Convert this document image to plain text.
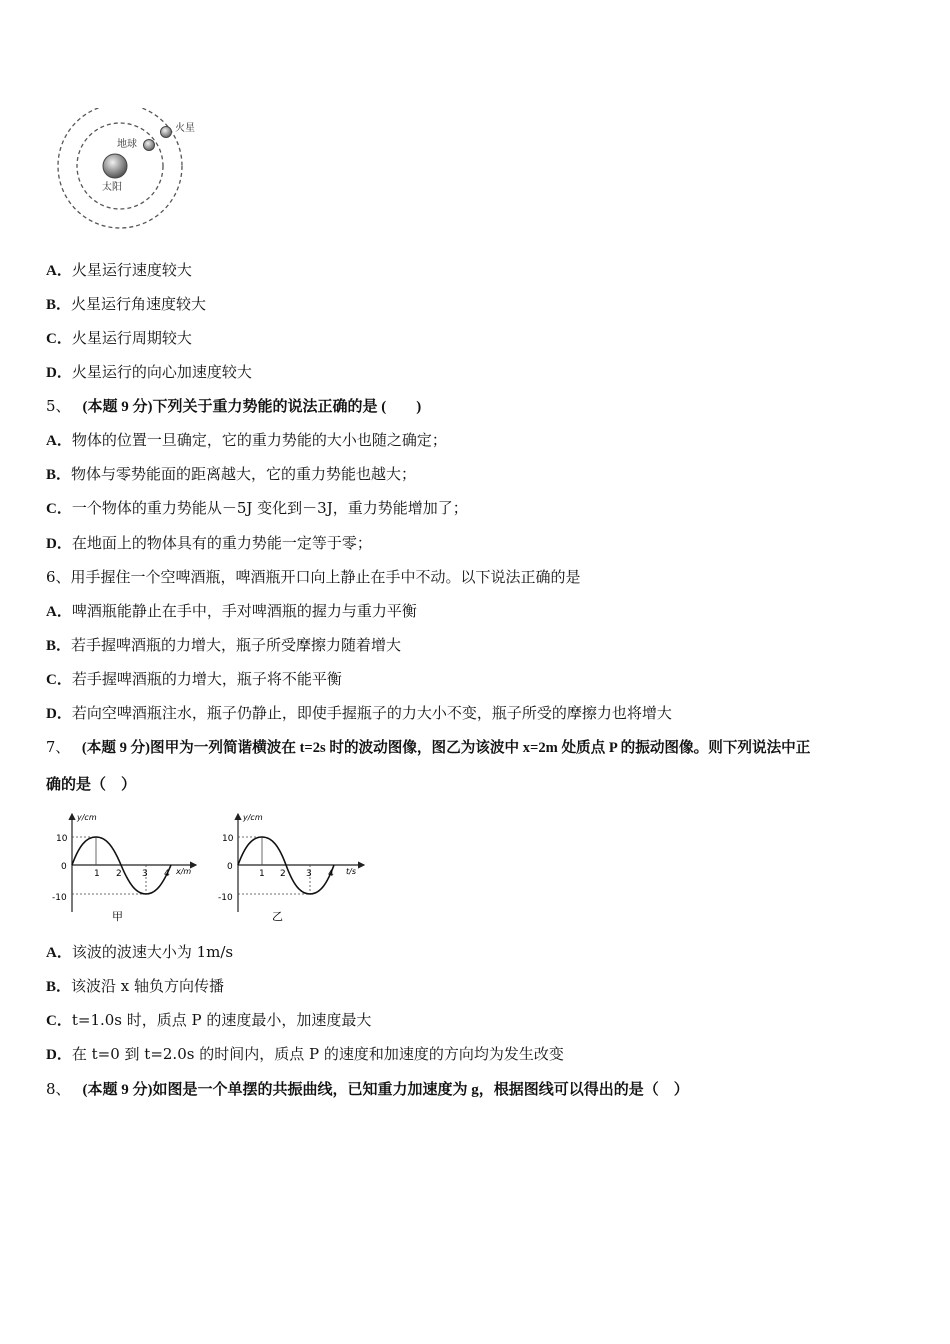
火星
地球
太阳
A．火星运行速度较大
B．火星运行角速度较大
C．火星运行周期较大
D．火星运行的向心加速度较大
5、 (本题 9 分)下列关于重力势能的说法正确的是 (　　)
A．物体的位置一旦确定，它的重力势能的大小也随之确定；
B．物体与零势能面的距离越大，它的重力势能也越大；
C．一个物体的重力势能从－5J 变化到－3J，重力势能增加了；
D．在地面上的物体具有的重力势能一定等于零；
6、用手握住一个空啤酒瓶，啤酒瓶开口向上静止在手中不动。以下说法正确的是
A．啤酒瓶能静止在手中，手对啤酒瓶的握力与重力平衡
B．若手握啤酒瓶的力增大，瓶子所受摩擦力随着增大
C．若手握啤酒瓶的力增大，瓶子将不能平衡
D．若向空啤酒瓶注水，瓶子仍静止，即使手握瓶子的力大小不变，瓶子所受的摩擦力也将增大
7、 (本题 9 分)图甲为一列简谐横波在 t=2s 时的波动图像，图乙为该波中 x=2m 处质点 P 的振动图像。则下列说法中正
确的是（　）
y/cm
x/m
10
0
-10
1 2 3 4
甲
y/cm
t/s
10
0
-10
1 2 3 4
乙
A．该波的波速大小为 1m/s
B．该波沿 x 轴负方向传播
C．t=1.0s 时，质点 P 的速度最小，加速度最大
D．在 t=0 到 t=2.0s 的时间内，质点 P 的速度和加速度的方向均为发生改变
8、 (本题 9 分)如图是一个单摆的共振曲线，已知重力加速度为 g，根据图线可以得出的是（　）
